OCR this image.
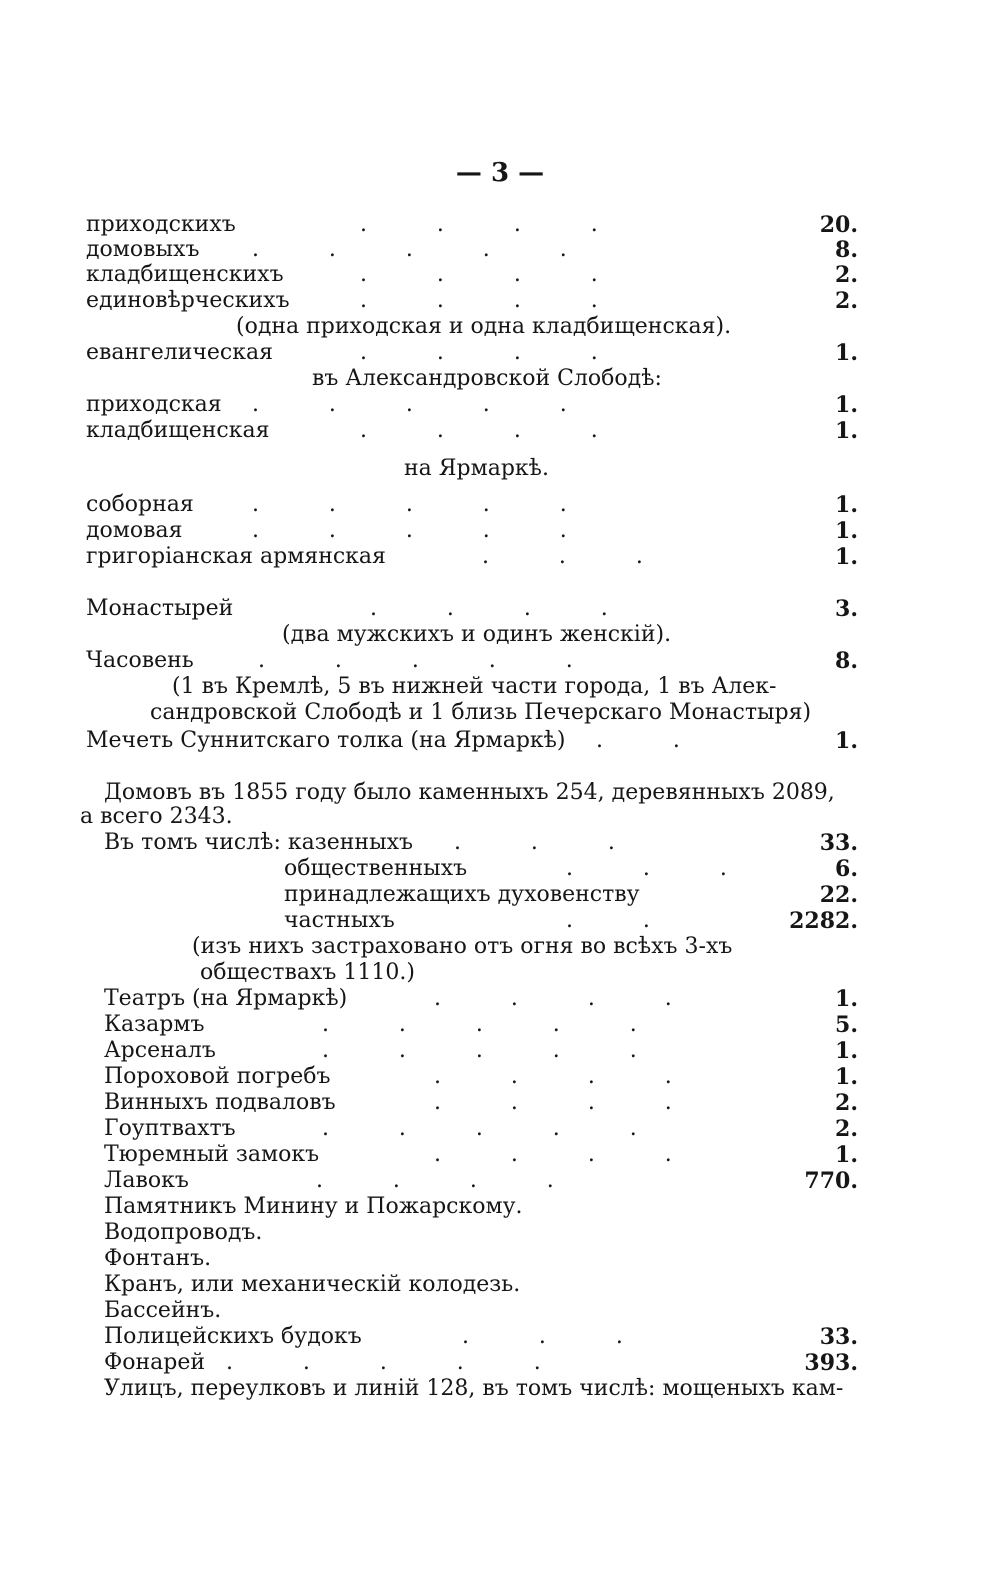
— 3 —
приходскихъ	.          .          .          .	20.
домовыхъ .          .          .          .          .	8.
кладбищенскихъ	.          .          .          .	2.
единовѣрческихъ	.          .          .          .	2.
(одна приходская и одна кладбищенская).
евангелическая	.          .          .          .	1.
въ Александровской Слободѣ:
приходская .          .          .          .          .	1.
кладбищенская	.          .          .          .	1.
на Ярмаркѣ.
соборная	.          .          .          .          .	1.
домовая	.          .          .          .          .	1.
григоріанская армянская	.          .          .	1.
Монастырей	.          .          .          .	3.
(два мужскихъ и одинъ женскій).
Часовень	.          .          .          .          .	8.
(1 въ Кремлѣ, 5 въ нижней части города, 1 въ Алек-
сандровской Слободѣ и 1 близь Печерскаго Монастыря)
Мечеть Суннитскаго толка (на Ярмаркѣ) .          .	1.
Домовъ въ 1855 году было каменныхъ 254, деревянныхъ 2089,
а всего 2343.
Въ томъ числѣ: казенныхъ .          .          .	33.
общественныхъ	.          .          .	6.
принадлежащихъ духовенству	22.
частныхъ	.          .	2282.
(изъ нихъ застраховано отъ огня во всѣхъ 3-хъ
обществахъ 1110.)
Театръ (на Ярмаркѣ)	.          .          .          .	1.
Казармъ	.          .          .          .          .	5.
Арсеналъ	.          .          .          .          .	1.
Пороховой погребъ	.          .          .          .	1.
Винныхъ подваловъ	.          .          .          .	2.
Гоуптвахтъ	.          .          .          .          .	2.
Тюремный замокъ	.          .          .          .	1.
Лавокъ	.          .          .          .	770.
Памятникъ Минину и Пожарскому.
Водопроводъ.
Фонтанъ.
Кранъ, или механическій колодезь.
Бассейнъ.
Полицейскихъ будокъ	.          .          .	33.
Фонарей .          .          .          .          .	393.
Улицъ, переулковъ и линій 128, въ томъ числѣ: мощеныхъ кам-
